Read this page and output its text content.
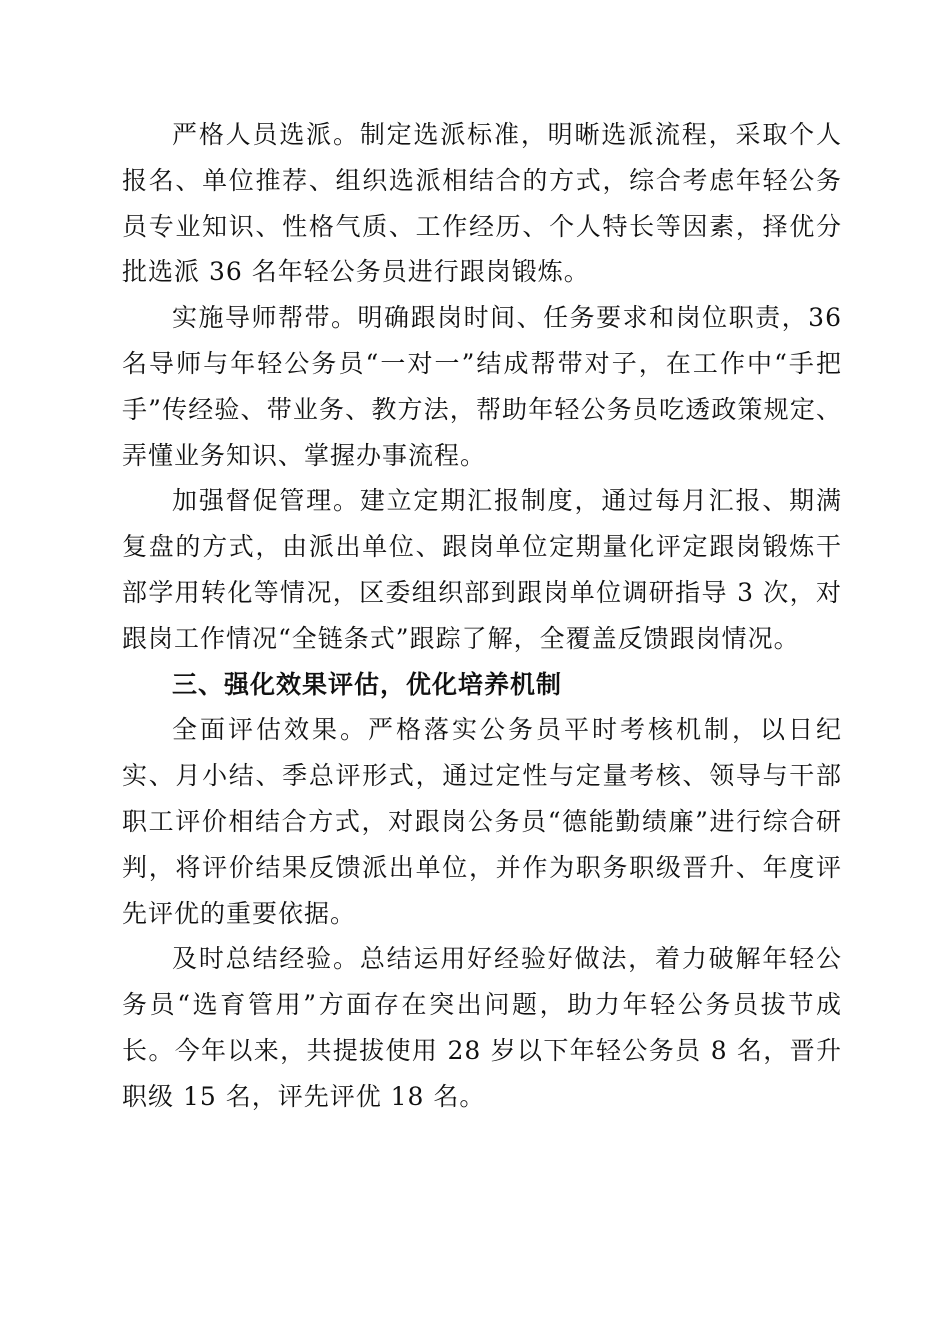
严格人员选派。制定选派标准，明晰选派流程，采取个人报名、单位推荐、组织选派相结合的方式，综合考虑年轻公务员专业知识、性格气质、工作经历、个人特长等因素，择优分批选派 36 名年轻公务员进行跟岗锻炼。

实施导师帮带。明确跟岗时间、任务要求和岗位职责，36 名导师与年轻公务员“一对一”结成帮带对子，在工作中“手把手”传经验、带业务、教方法，帮助年轻公务员吃透政策规定、弄懂业务知识、掌握办事流程。

加强督促管理。建立定期汇报制度，通过每月汇报、期满复盘的方式，由派出单位、跟岗单位定期量化评定跟岗锻炼干部学用转化等情况，区委组织部到跟岗单位调研指导 3 次，对跟岗工作情况“全链条式”跟踪了解，全覆盖反馈跟岗情况。

三、强化效果评估，优化培养机制

全面评估效果。严格落实公务员平时考核机制，以日纪实、月小结、季总评形式，通过定性与定量考核、领导与干部职工评价相结合方式，对跟岗公务员“德能勤绩廉”进行综合研判，将评价结果反馈派出单位，并作为职务职级晋升、年度评先评优的重要依据。

及时总结经验。总结运用好经验好做法，着力破解年轻公务员“选育管用”方面存在突出问题，助力年轻公务员拔节成长。今年以来，共提拔使用 28 岁以下年轻公务员 8 名，晋升职级 15 名，评先评优 18 名。
